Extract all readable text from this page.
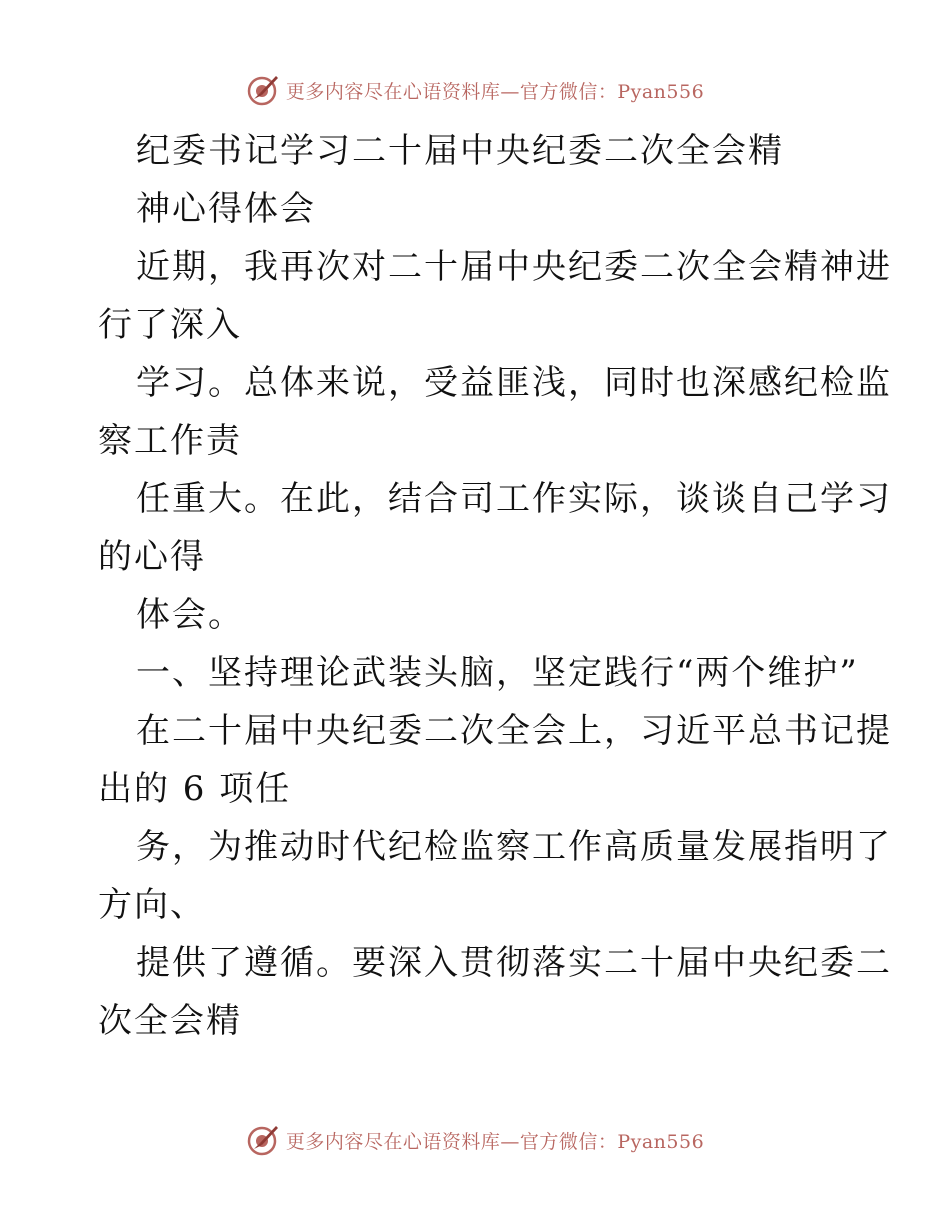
更多内容尽在心语资料库—官方微信：Pyan556
纪委书记学习二十届中央纪委二次全会精
神心得体会
近期，我再次对二十届中央纪委二次全会精神进
行了深入
学习。总体来说，受益匪浅，同时也深感纪检监
察工作责
任重大。在此，结合司工作实际，谈谈自己学习
的心得
体会。
一、坚持理论武装头脑，坚定践行“两个维护”
在二十届中央纪委二次全会上，习近平总书记提
出的 6 项任
务，为推动时代纪检监察工作高质量发展指明了
方向、
提供了遵循。要深入贯彻落实二十届中央纪委二
次全会精
更多内容尽在心语资料库—官方微信：Pyan556
